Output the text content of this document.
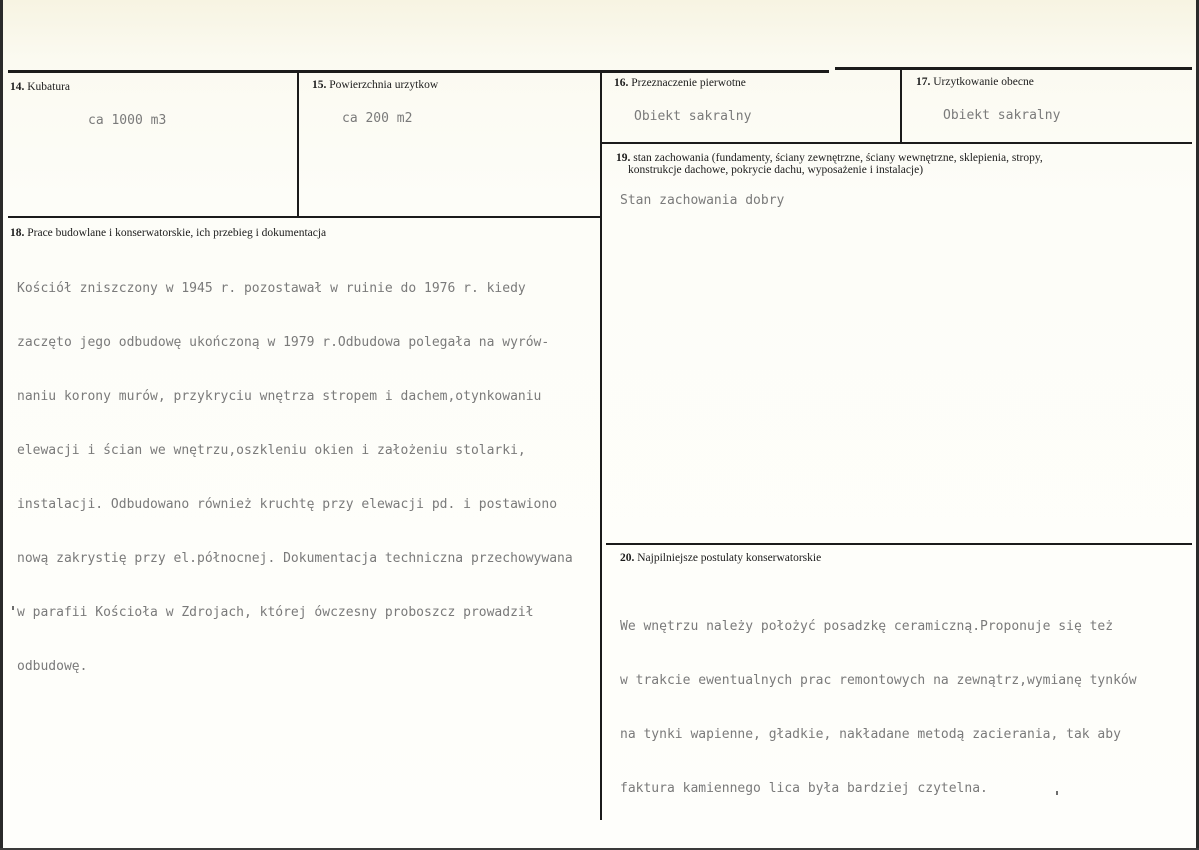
14. Kubatura
ca 1000 m3
15. Powierzchnia urzytkow
ca 200 m2
16. Przeznaczenie pierwotne
Obiekt sakralny
17. Urzytkowanie obecne
Obiekt sakralny
18. Prace budowlane i konserwatorskie, ich przebieg i dokumentacja

Kościół zniszczony w 1945 r. pozostawał w ruinie do 1976 r. kiedy

zaczęto jego odbudowę ukończoną w 1979 r.Odbudowa polegała na wyrów-

naniu korony murów, przykryciu wnętrza stropem i dachem,otynkowaniu

elewacji i ścian we wnętrzu,oszkleniu okien i założeniu stolarki,

instalacji. Odbudowano również kruchtę przy elewacji pd. i postawiono

nową zakrystię przy el.północnej. Dokumentacja techniczna przechowywana

w parafii Kościoła w Zdrojach, której ówczesny proboszcz prowadził

odbudowę.

19. stan zachowania (fundamenty, ściany zewnętrzne, ściany wewnętrzne, sklepienia, stropy,
konstrukcje dachowe, pokrycie dachu, wyposażenie i instalacje)
Stan zachowania dobry
20. Najpilniejsze postulaty konserwatorskie

We wnętrzu należy położyć posadzkę ceramiczną.Proponuje się też

w trakcie ewentualnych prac remontowych na zewnątrz,wymianę tynków

na tynki wapienne, gładkie, nakładane metodą zacierania, tak aby

faktura kamiennego lica była bardziej czytelna.
